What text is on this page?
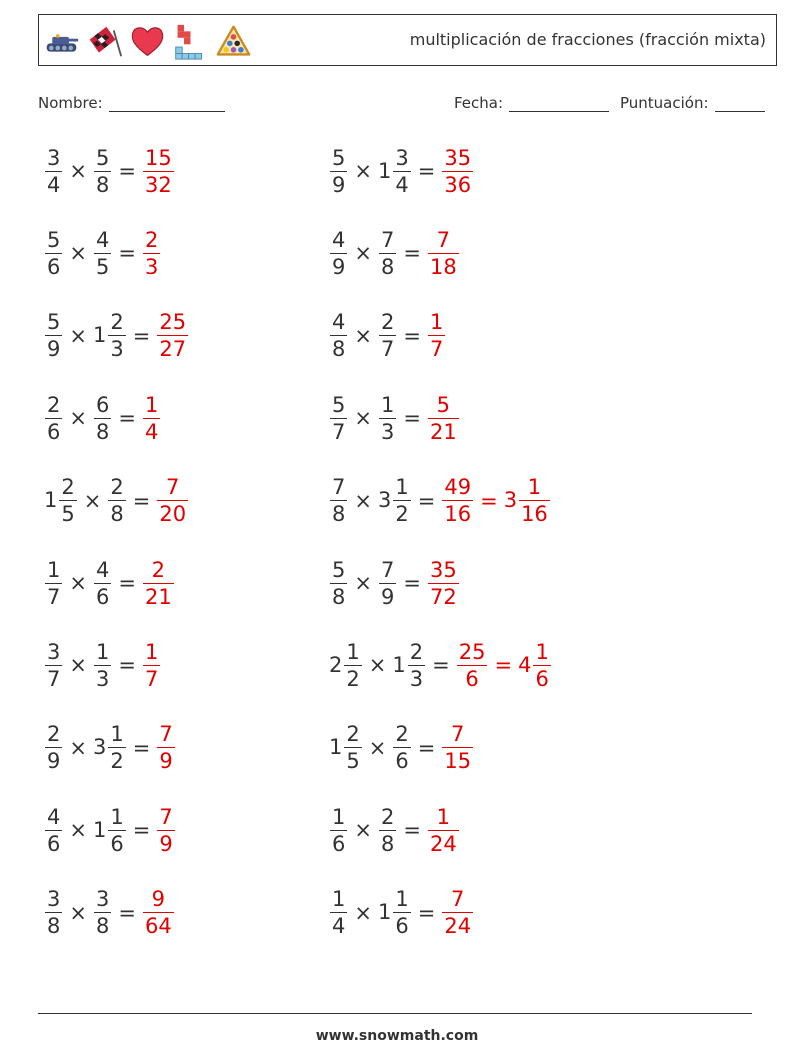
multiplicación de fracciones (fracción mixta)
Nombre:	Fecha:	Puntuación:
$\frac{3}{4} \times \frac{5}{8} = \frac{15}{32}$	$\frac{5}{9} \times 1 \frac{3}{4} = \frac{35}{36}$
$\frac{5}{6} \times \frac{4}{5} = \frac{2}{3}$	$\frac{4}{9} \times \frac{7}{8} = \frac{7}{18}$
$\frac{5}{9} \times 1 \frac{2}{3} = \frac{25}{27}$	$\frac{4}{8} \times \frac{2}{7} = \frac{1}{7}$
$\frac{2}{6} \times \frac{6}{8} = \frac{1}{4}$	$\frac{5}{7} \times \frac{1}{3} = \frac{5}{21}$
$1 \frac{2}{5} \times \frac{2}{8} = \frac{7}{20}$	$\frac{7}{8} \times 3 \frac{1}{2} = \frac{49}{16} = 3 \frac{1}{16}$
$\frac{1}{7} \times \frac{4}{6} = \frac{2}{21}$	$\frac{5}{8} \times \frac{7}{9} = \frac{35}{72}$
$\frac{3}{7} \times \frac{1}{3} = \frac{1}{7}$	$2 \frac{1}{2} \times 1 \frac{2}{3} = \frac{25}{6} = 4 \frac{1}{6}$
$\frac{2}{9} \times 3 \frac{1}{2} = \frac{7}{9}$	$1 \frac{2}{5} \times \frac{2}{6} = \frac{7}{15}$
$\frac{4}{6} \times 1 \frac{1}{6} = \frac{7}{9}$	$\frac{1}{6} \times \frac{2}{8} = \frac{1}{24}$
$\frac{3}{8} \times \frac{3}{8} = \frac{9}{64}$	$\frac{1}{4} \times 1 \frac{1}{6} = \frac{7}{24}$
www.snowmath.com
